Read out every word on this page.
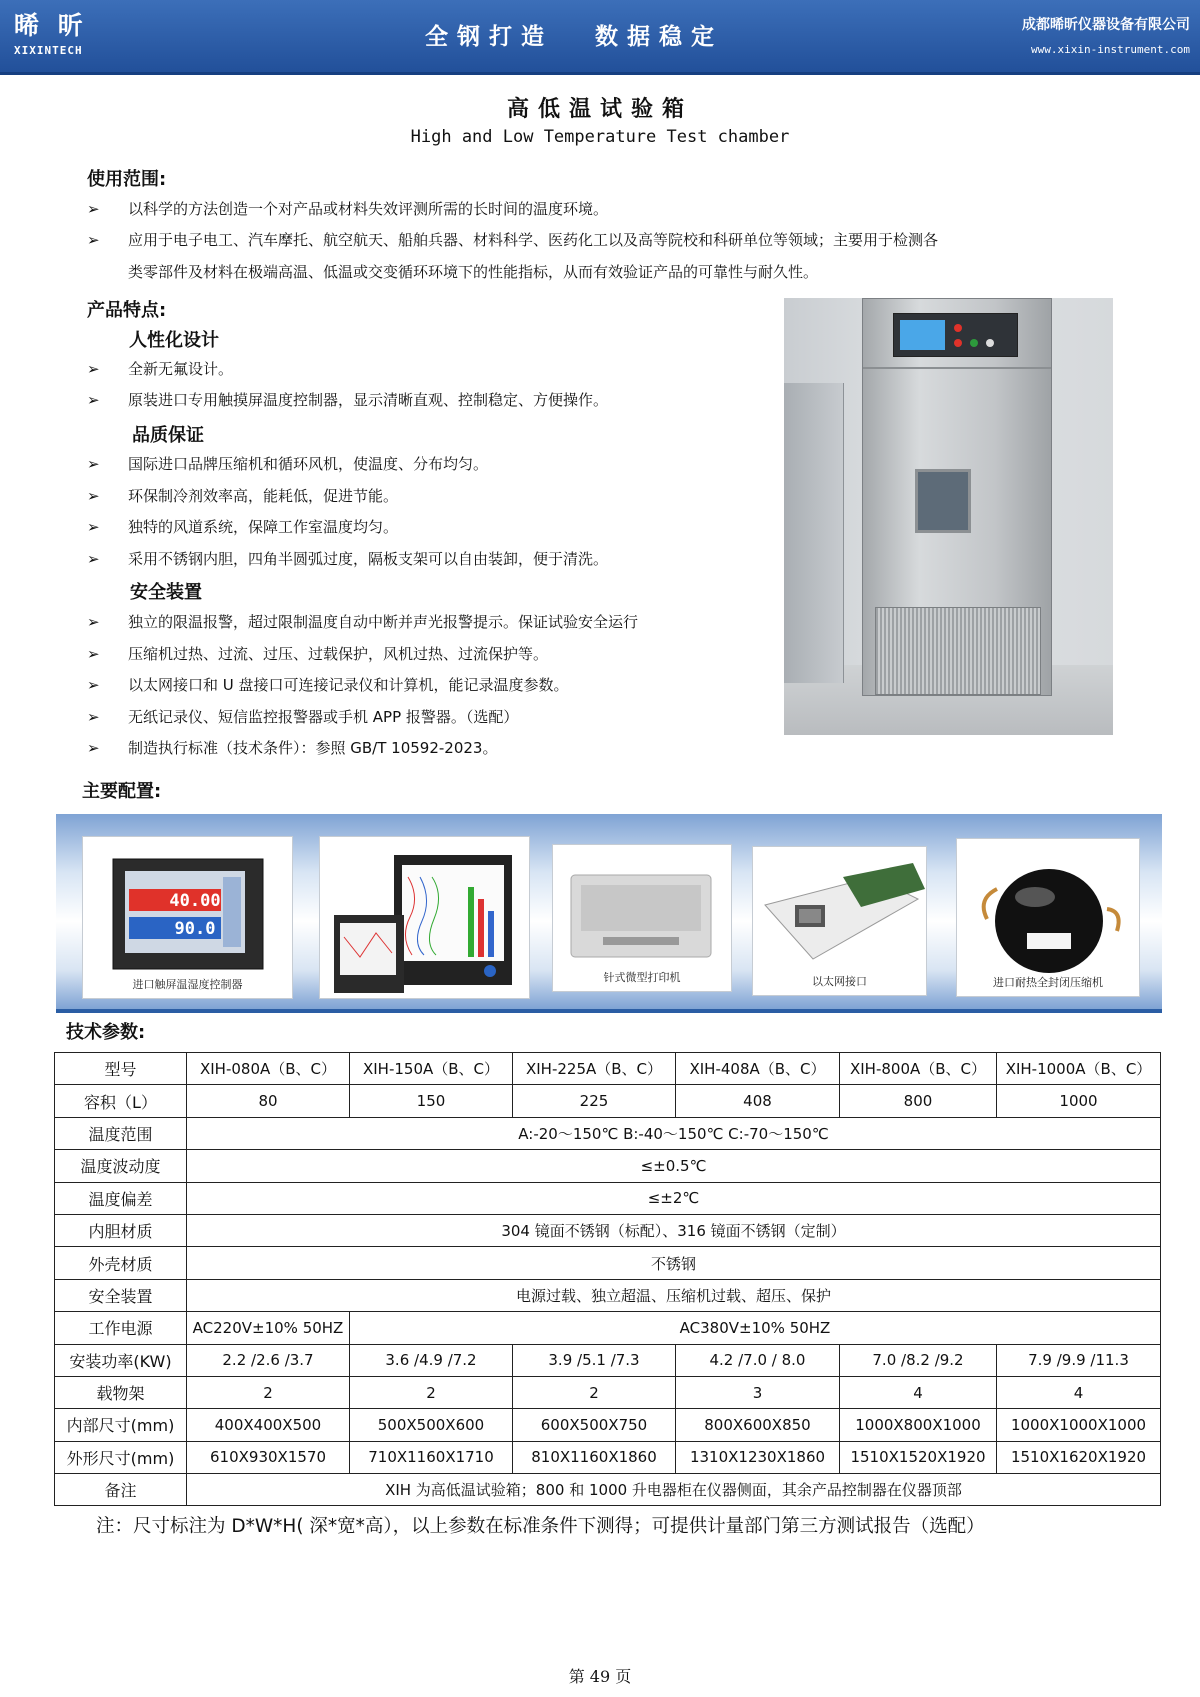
晞 昕
XIXINTECH
全钢打造 数据稳定	成都晞昕仪器设备有限公司
www.xixin-instrument.com
高低温试验箱
High and Low Temperature Test chamber
使用范围:
➢ 以科学的方法创造一个对产品或材料失效评测所需的长时间的温度环境。
➢ 应用于电子电工、汽车摩托、航空航天、船舶兵器、材料科学、医药化工以及高等院校和科研单位等领域；主要用于检测各
类零部件及材料在极端高温、低温或交变循环环境下的性能指标，从而有效验证产品的可靠性与耐久性。
产品特点:
人性化设计
➢ 全新无氟设计。
➢ 原装进口专用触摸屏温度控制器，显示清晰直观、控制稳定、方便操作。
品质保证
➢ 国际进口品牌压缩机和循环风机，使温度、分布均匀。
➢ 环保制冷剂效率高，能耗低，促进节能。
➢ 独特的风道系统，保障工作室温度均匀。
➢ 采用不锈钢内胆，四角半圆弧过度，隔板支架可以自由装卸，便于清洗。
安全装置
➢ 独立的限温报警，超过限制温度自动中断并声光报警提示。保证试验安全运行
➢ 压缩机过热、过流、过压、过载保护，风机过热、过流保护等。
➢ 以太网接口和 U 盘接口可连接记录仪和计算机，能记录温度参数。
➢ 无纸记录仪、短信监控报警器或手机 APP 报警器。（选配）
➢ 制造执行标准（技术条件）：参照 GB/T 10592-2023。
主要配置:
40.00
90.0
进口触屏温湿度控制器
针式微型打印机	以太网接口	进口耐热全封闭压缩机
技术参数:
型号	XIH-080A（B、C）	XIH-150A（B、C）	XIH-225A（B、C）	XIH-408A（B、C）	XIH-800A（B、C）	XIH-1000A（B、C）
容积（L）	80	150	225	408	800	1000
温度范围	A:-20～150℃ B:-40～150℃ C:-70～150℃					
温度波动度	≤±0.5℃					
温度偏差	≤±2℃					
内胆材质	304 镜面不锈钢（标配）、316 镜面不锈钢（定制）					
外壳材质	不锈钢					
安全装置	电源过载、独立超温、压缩机过载、超压、保护					
工作电源	AC220V±10% 50HZ	AC380V±10% 50HZ				
安装功率(KW)	2.2 /2.6 /3.7	3.6 /4.9 /7.2	3.9 /5.1 /7.3	4.2 /7.0 / 8.0	7.0 /8.2 /9.2	7.9 /9.9 /11.3
载物架	2	2	2	3	4	4
内部尺寸(mm)	400X400X500	500X500X600	600X500X750	800X600X850	1000X800X1000	1000X1000X1000
外形尺寸(mm)	610X930X1570	710X1160X1710	810X1160X1860	1310X1230X1860	1510X1520X1920	1510X1620X1920
备注	XIH 为高低温试验箱；800 和 1000 升电器柜在仪器侧面，其余产品控制器在仪器顶部					
注：尺寸标注为 D*W*H( 深*宽*高），以上参数在标准条件下测得；可提供计量部门第三方测试报告（选配）
第 49 页
